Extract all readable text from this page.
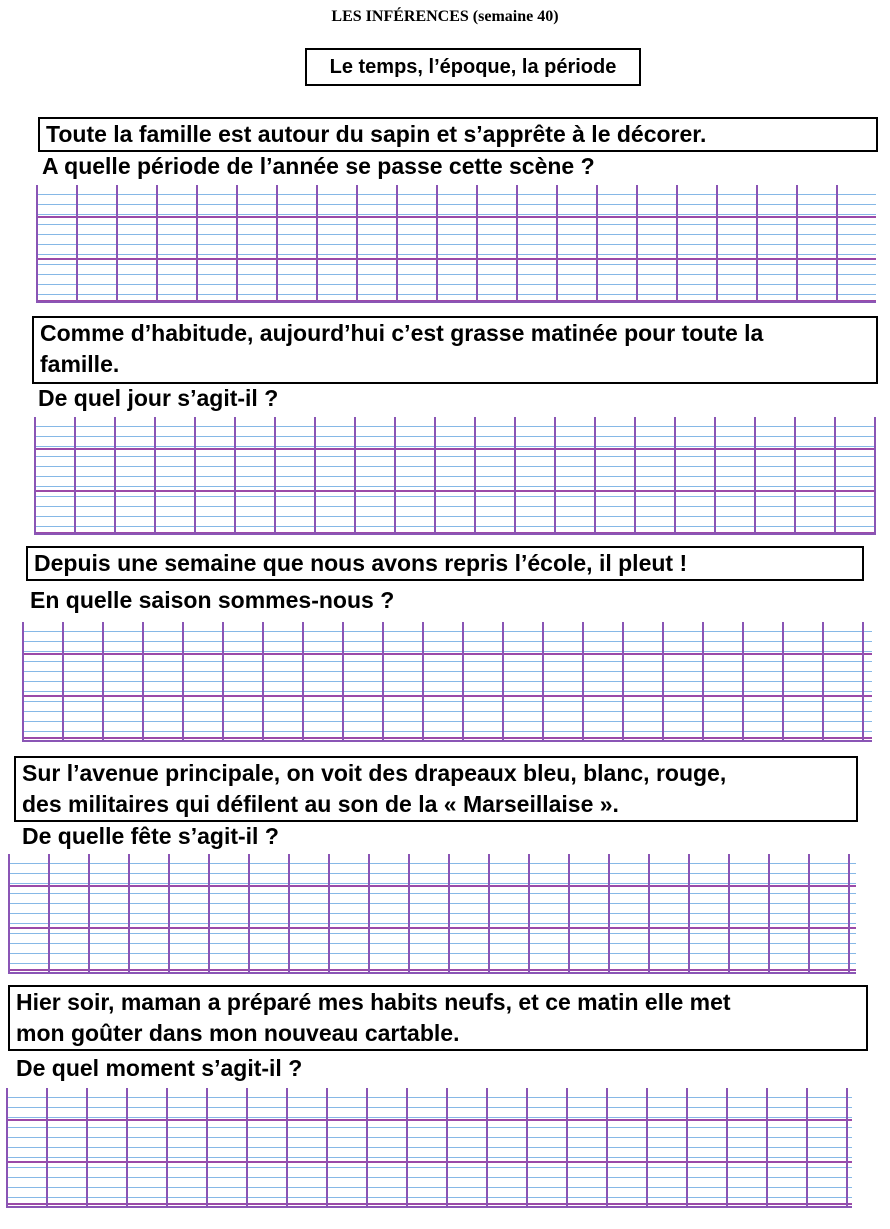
LES INFÉRENCES (semaine 40)
Le temps, l’époque, la période
Toute la famille est autour du sapin et s’apprête à le décorer.
A quelle période de l’année se passe cette scène ?
Comme d’habitude, aujourd’hui c’est grasse matinée pour toute la
famille.
De quel jour s’agit-il ?
Depuis une semaine que nous avons repris l’école, il pleut !
En quelle saison sommes-nous ?
Sur l’avenue principale, on voit des drapeaux bleu, blanc, rouge,
des militaires qui défilent au son de la « Marseillaise ».
De quelle fête s’agit-il ?
Hier soir, maman a préparé mes habits neufs, et ce matin elle met
mon goûter dans mon nouveau cartable.
De quel moment s’agit-il ?
